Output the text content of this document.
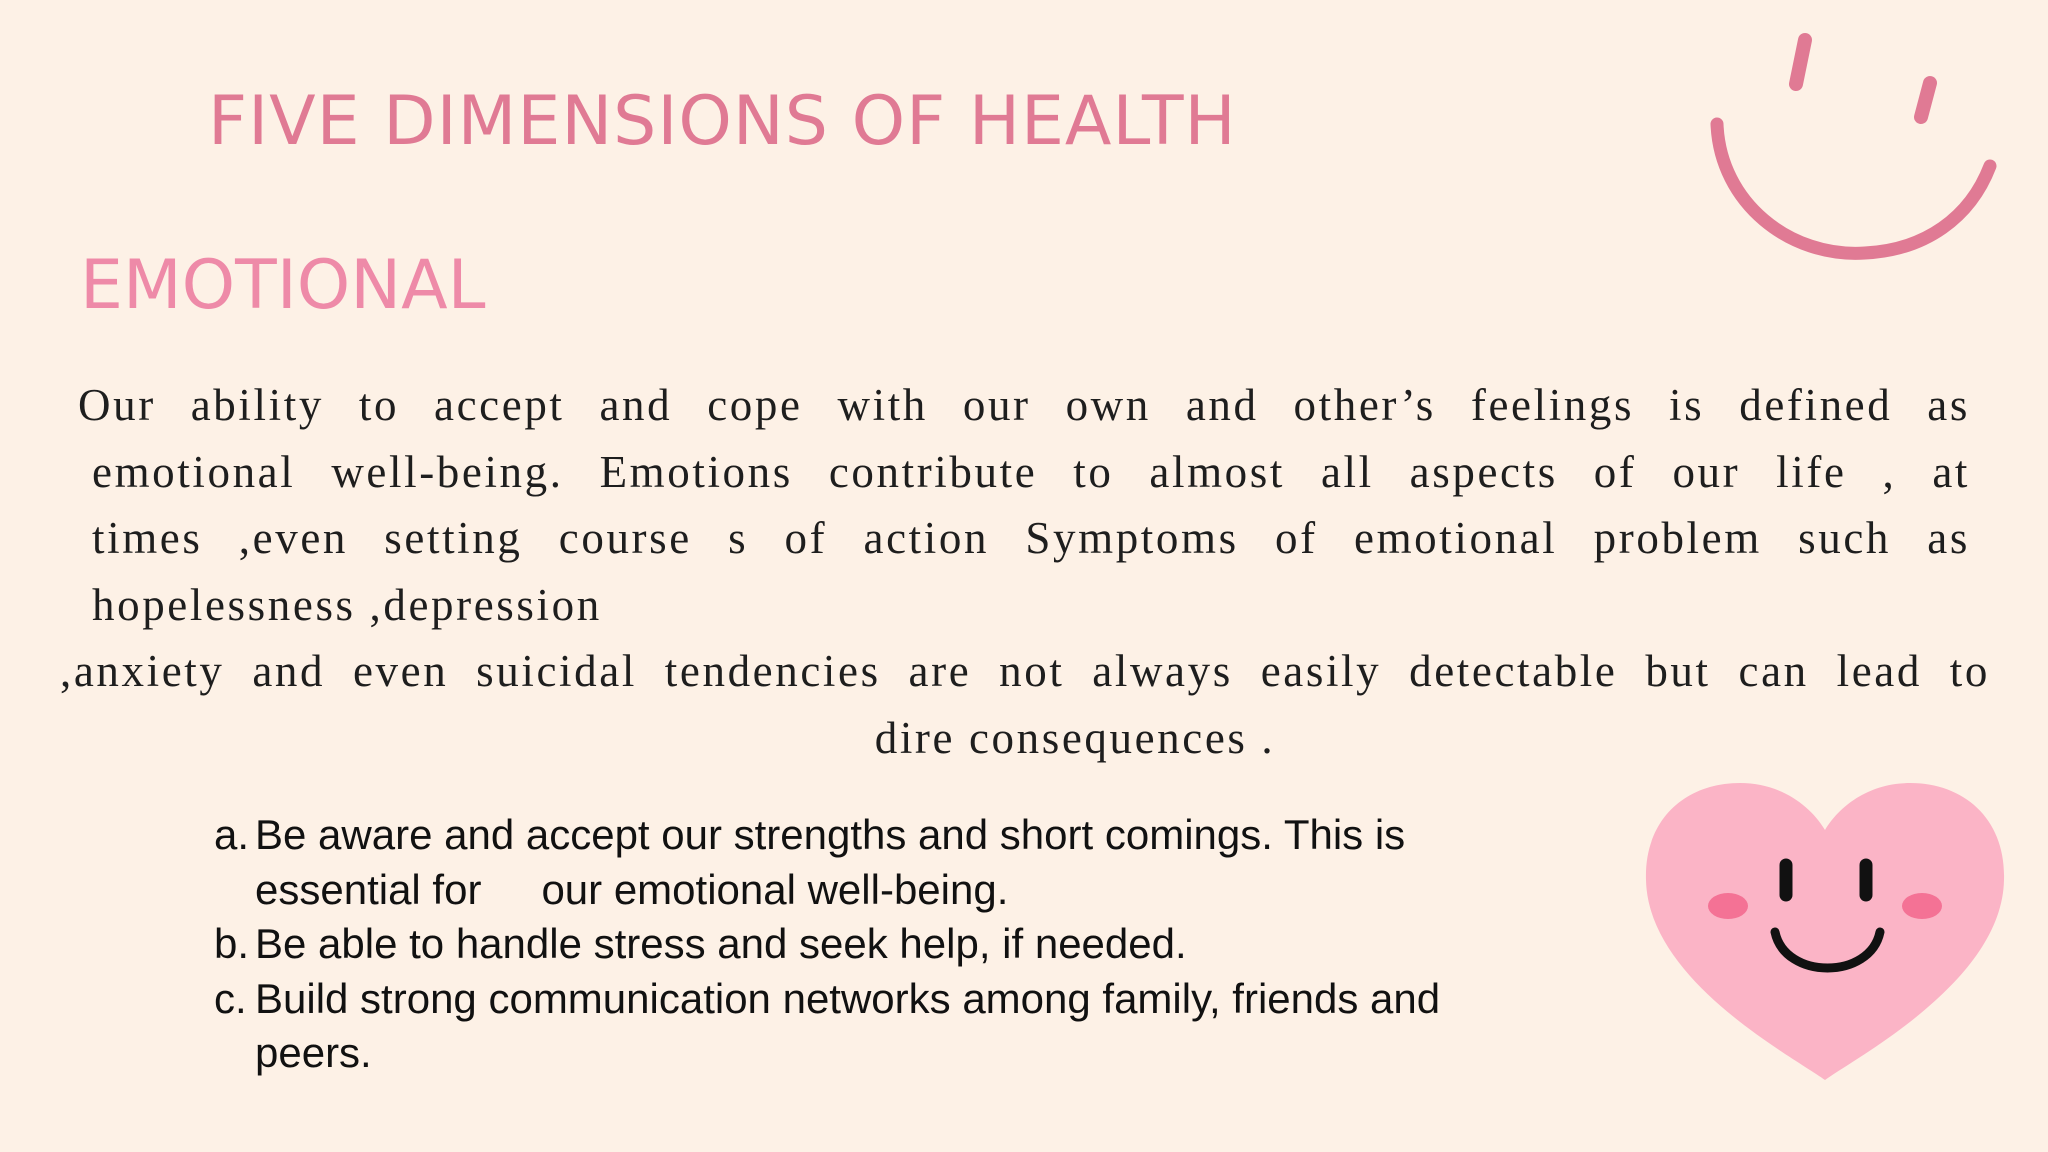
FIVE DIMENSIONS OF HEALTH
EMOTIONAL
Our ability to accept and cope with our own and other’s feelings is defined as
emotional well-being. Emotions contribute to almost all aspects of our life , at
times ,even setting course s of action Symptoms of emotional problem such as
hopelessness ,depression
,anxiety and even suicidal tendencies are not always easily detectable but can lead to
dire consequences .
a. Be aware and accept our strengths and short comings. This is
essential for our emotional well-being.
b. Be able to handle stress and seek help, if needed.
c. Build strong communication networks among family, friends and
peers.
